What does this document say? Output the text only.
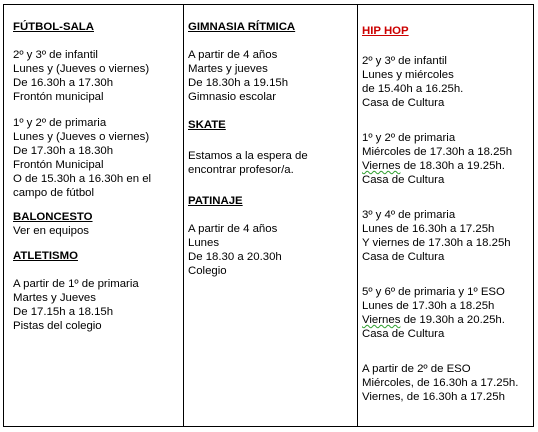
FÚTBOL-SALA
2º y 3º de infantil
Lunes y (Jueves o viernes)
De 16.30h a 17.30h
Frontón municipal
1º y 2º de primaria
Lunes y (Jueves o viernes)
De 17.30h a 18.30h
Frontón Municipal
O de 15.30h a 16.30h en el
campo de fútbol
BALONCESTO
Ver en equipos
ATLETISMO
A partir de 1º de primaria
Martes y Jueves
De 17.15h a 18.15h
Pistas del colegio
GIMNASIA RÍTMICA
A partir de 4 años
Martes y jueves
De 18.30h a 19.15h
Gimnasio escolar
SKATE
Estamos a la espera de
encontrar profesor/a.
PATINAJE
A partir de 4 años
Lunes
De 18.30 a 20.30h
Colegio
HIP HOP
2º y 3º de infantil
Lunes y miércoles
de 15.40h a 16.25h.
Casa de Cultura
1º y 2º de primaria
Miércoles de 17.30h a 18.25h
Viernes de 18.30h a 19.25h.
Casa de Cultura
3º y 4º de primaria
Lunes de 16.30h a 17.25h
Y viernes de 17.30h a 18.25h
Casa de Cultura
5º y 6º de primaria y 1º ESO
Lunes de 17.30h a 18.25h
Viernes de 19.30h a 20.25h.
Casa de Cultura
A partir de 2º de ESO
Miércoles, de 16.30h a 17.25h.
Viernes, de 16.30h a 17.25h
